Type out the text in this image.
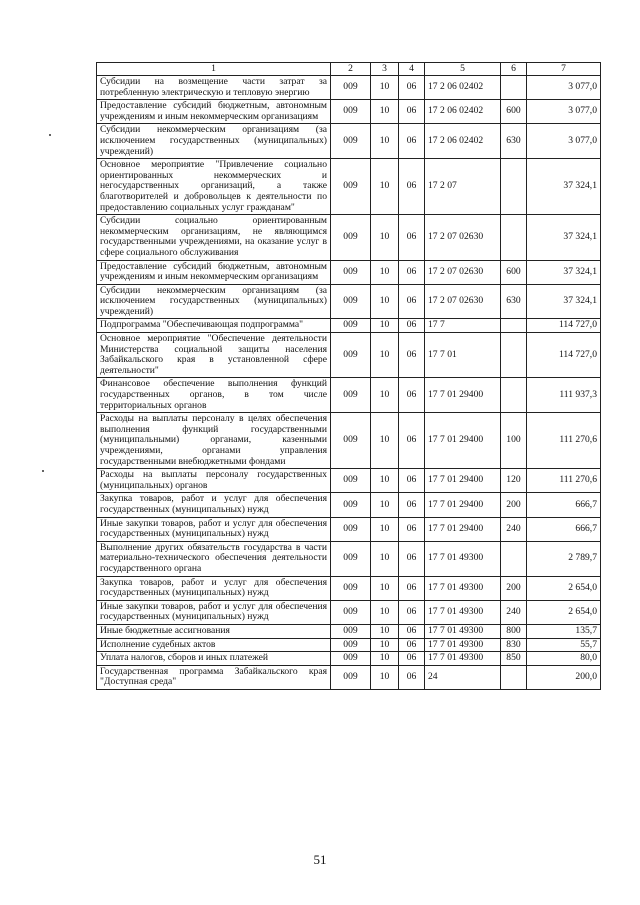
1	2	3	4	5	6	7
Субсидии на возмещение части затрат за потребленную электрическую и тепловую энергию	009	10	06	17 2 06 02402		3 077,0
Предоставление субсидий бюджетным, автономным учреждениям и иным некоммерческим организациям	009	10	06	17 2 06 02402	600	3 077,0
Субсидии некоммерческим организациям (за исключением государственных (муниципальных) учреждений)	009	10	06	17 2 06 02402	630	3 077,0
Основное мероприятие "Привлечение социально ориентированных некоммерческих и негосударственных организаций, а также благотворителей и добровольцев к деятельности по предоставлению социальных услуг гражданам"	009	10	06	17 2 07		37 324,1
Субсидии социально ориентированным некоммерческим организациям, не являющимся государственными учреждениями, на оказание услуг в сфере социального обслуживания	009	10	06	17 2 07 02630		37 324,1
Предоставление субсидий бюджетным, автономным учреждениям и иным некоммерческим организациям	009	10	06	17 2 07 02630	600	37 324,1
Субсидии некоммерческим организациям (за исключением государственных (муниципальных) учреждений)	009	10	06	17 2 07 02630	630	37 324,1
Подпрограмма "Обеспечивающая подпрограмма"	009	10	06	17 7		114 727,0
Основное мероприятие "Обеспечение деятельности Министерства социальной защиты населения Забайкальского края в установленной сфере деятельности"	009	10	06	17 7 01		114 727,0
Финансовое обеспечение выполнения функций государственных органов, в том числе территориальных органов	009	10	06	17 7 01 29400		111 937,3
Расходы на выплаты персоналу в целях обеспечения выполнения функций государственными (муниципальными) органами, казенными учреждениями, органами управления государственными внебюджетными фондами	009	10	06	17 7 01 29400	100	111 270,6
Расходы на выплаты персоналу государственных (муниципальных) органов	009	10	06	17 7 01 29400	120	111 270,6
Закупка товаров, работ и услуг для обеспечения государственных (муниципальных) нужд	009	10	06	17 7 01 29400	200	666,7
Иные закупки товаров, работ и услуг для обеспечения государственных (муниципальных) нужд	009	10	06	17 7 01 29400	240	666,7
Выполнение других обязательств государства в части материально-технического обеспечения деятельности государственного органа	009	10	06	17 7 01 49300		2 789,7
Закупка товаров, работ и услуг для обеспечения государственных (муниципальных) нужд	009	10	06	17 7 01 49300	200	2 654,0
Иные закупки товаров, работ и услуг для обеспечения государственных (муниципальных) нужд	009	10	06	17 7 01 49300	240	2 654,0
Иные бюджетные ассигнования	009	10	06	17 7 01 49300	800	135,7
Исполнение судебных актов	009	10	06	17 7 01 49300	830	55,7
Уплата налогов, сборов и иных платежей	009	10	06	17 7 01 49300	850	80,0
Государственная программа Забайкальского края "Доступная среда"	009	10	06	24		200,0
51
